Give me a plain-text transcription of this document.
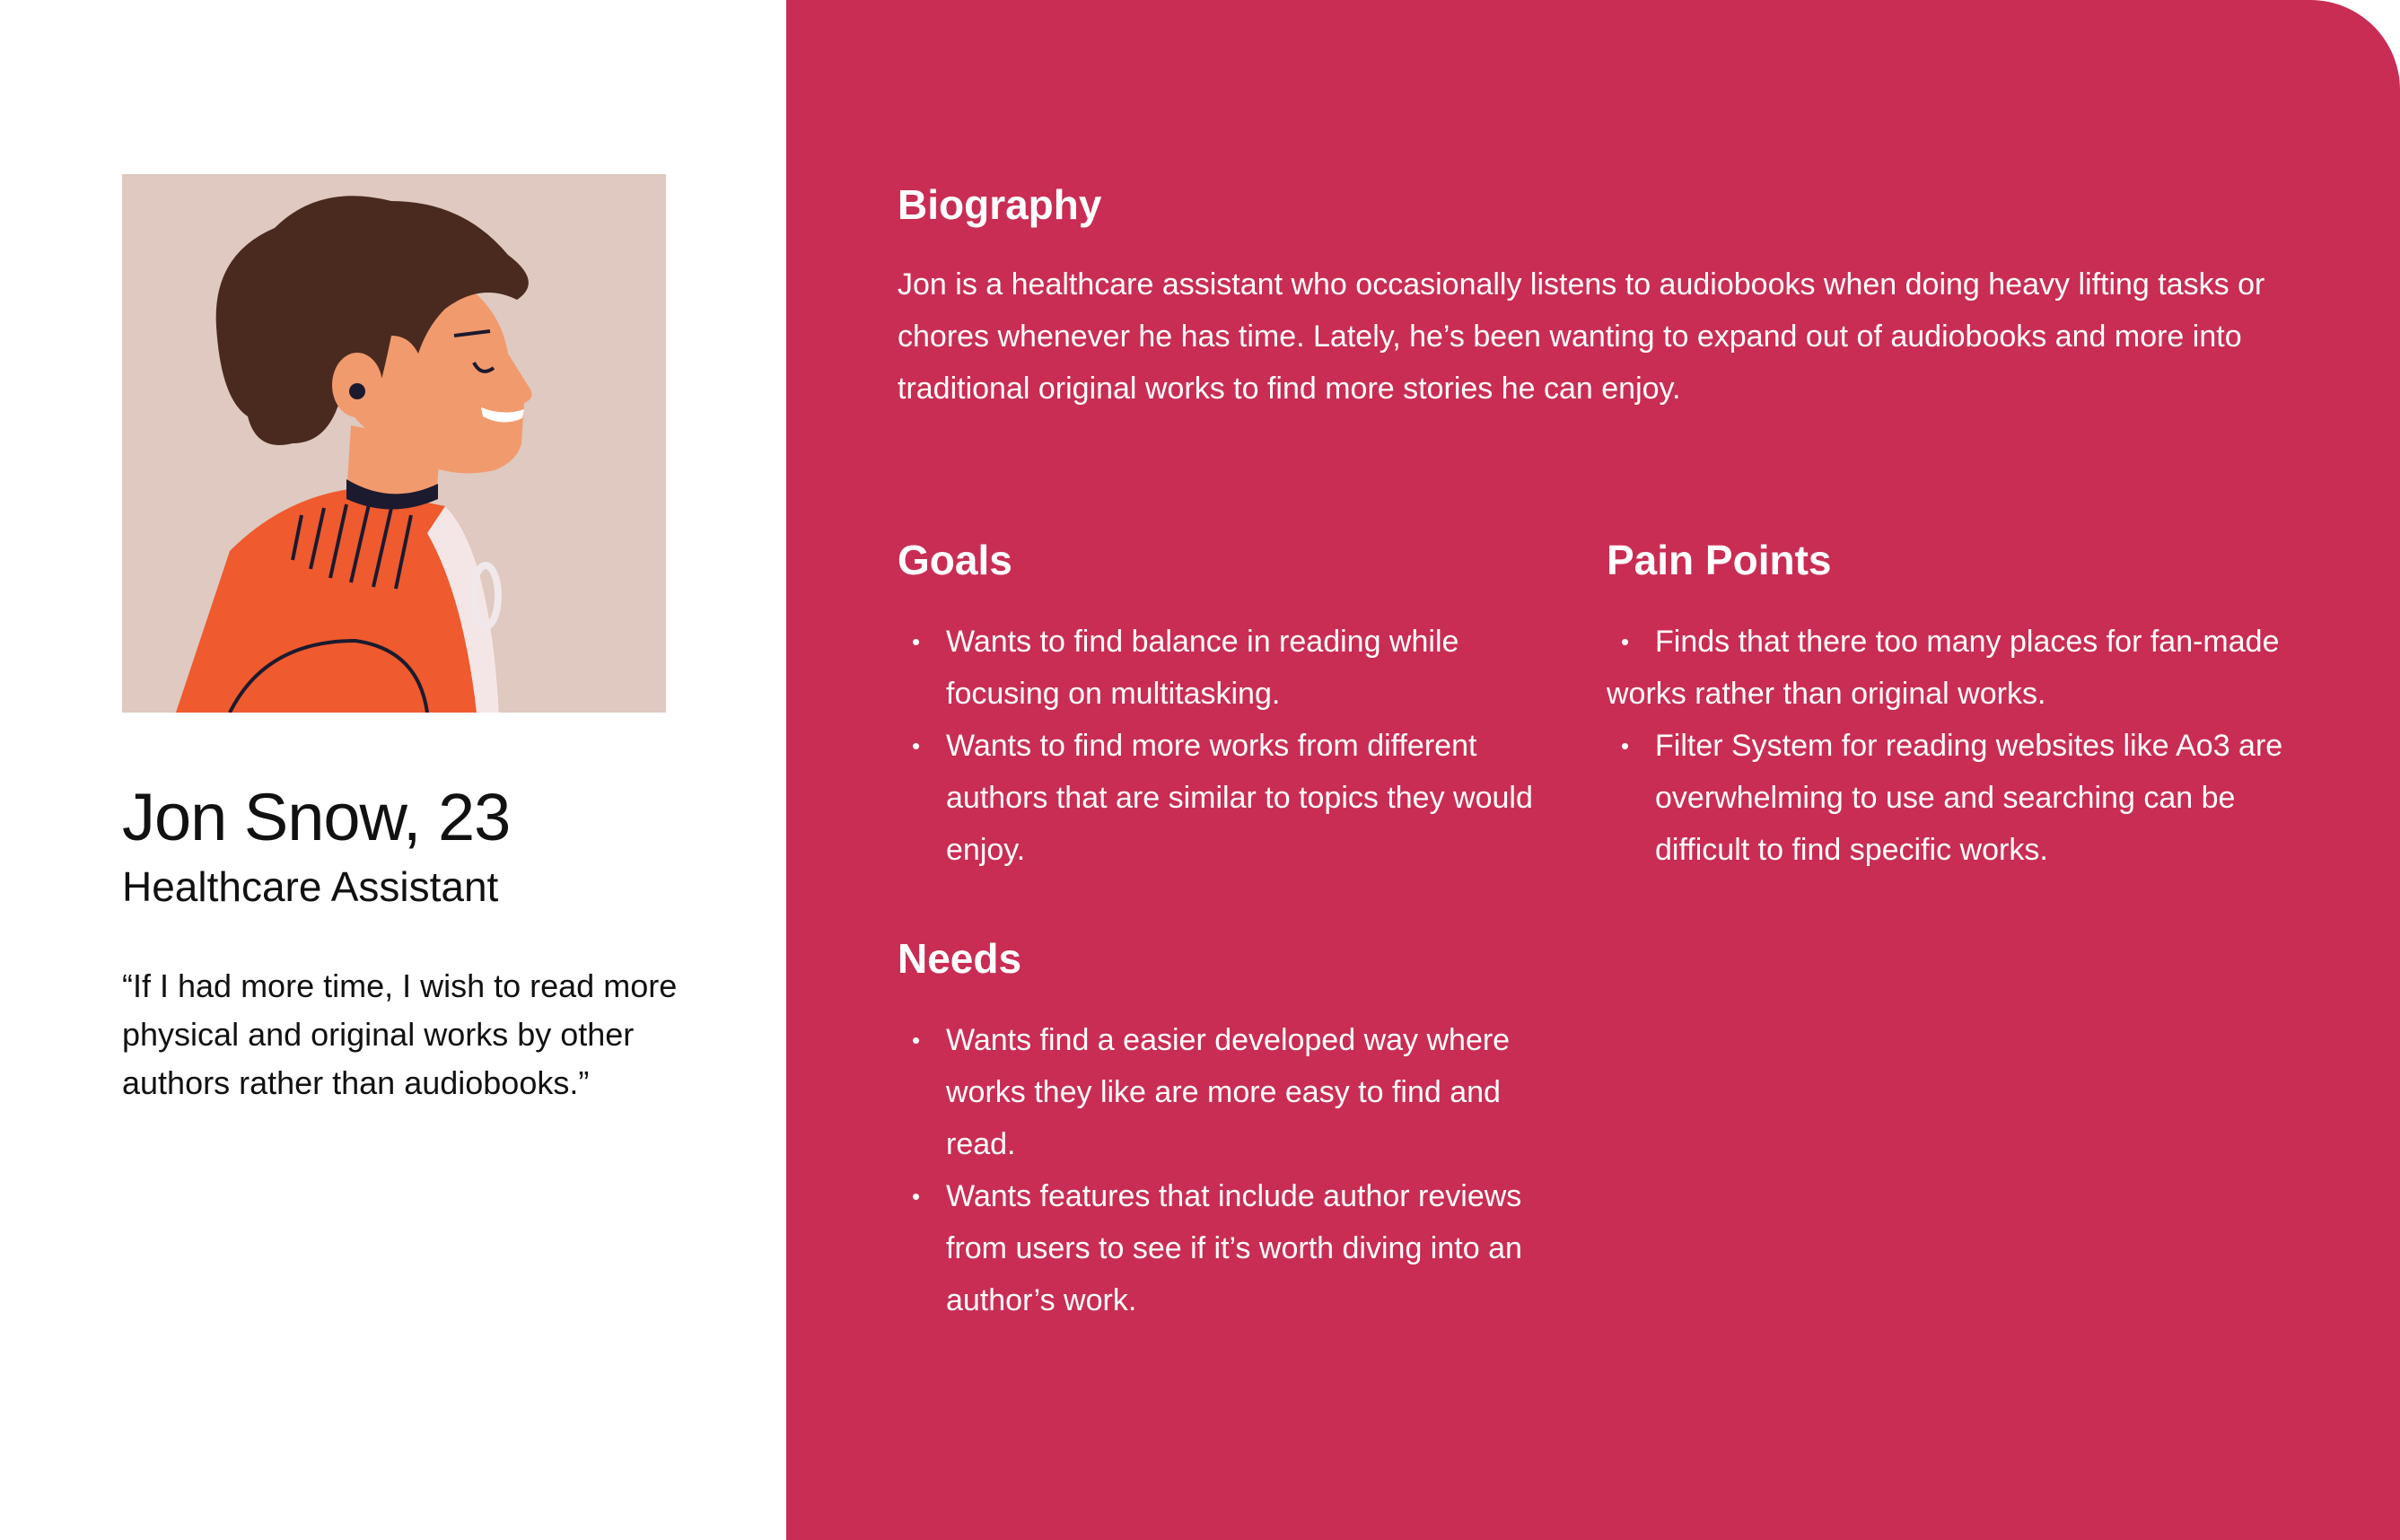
Jon Snow, 23
Healthcare Assistant
“If I had more time, I wish to read more physical and original works by other authors rather than audiobooks.”
Biography
Jon is a healthcare assistant who occasionally listens to audiobooks when doing heavy lifting tasks or chores whenever he has time. Lately, he’s been wanting to expand out of audiobooks and more into traditional original works to find more stories he can enjoy.
Goals
• Wants to find balance in reading while focusing on multitasking.
• Wants to find more works from different authors that are similar to topics they would enjoy.
Needs
• Wants find a easier developed way where works they like are more easy to find and read.
• Wants features that include author reviews from users to see if it’s worth diving into an author’s work.
Pain Points
• Finds that there too many places for fan-made works rather than original works.
• Filter System for reading websites like Ao3 are overwhelming to use and searching can be difficult to find specific works.
